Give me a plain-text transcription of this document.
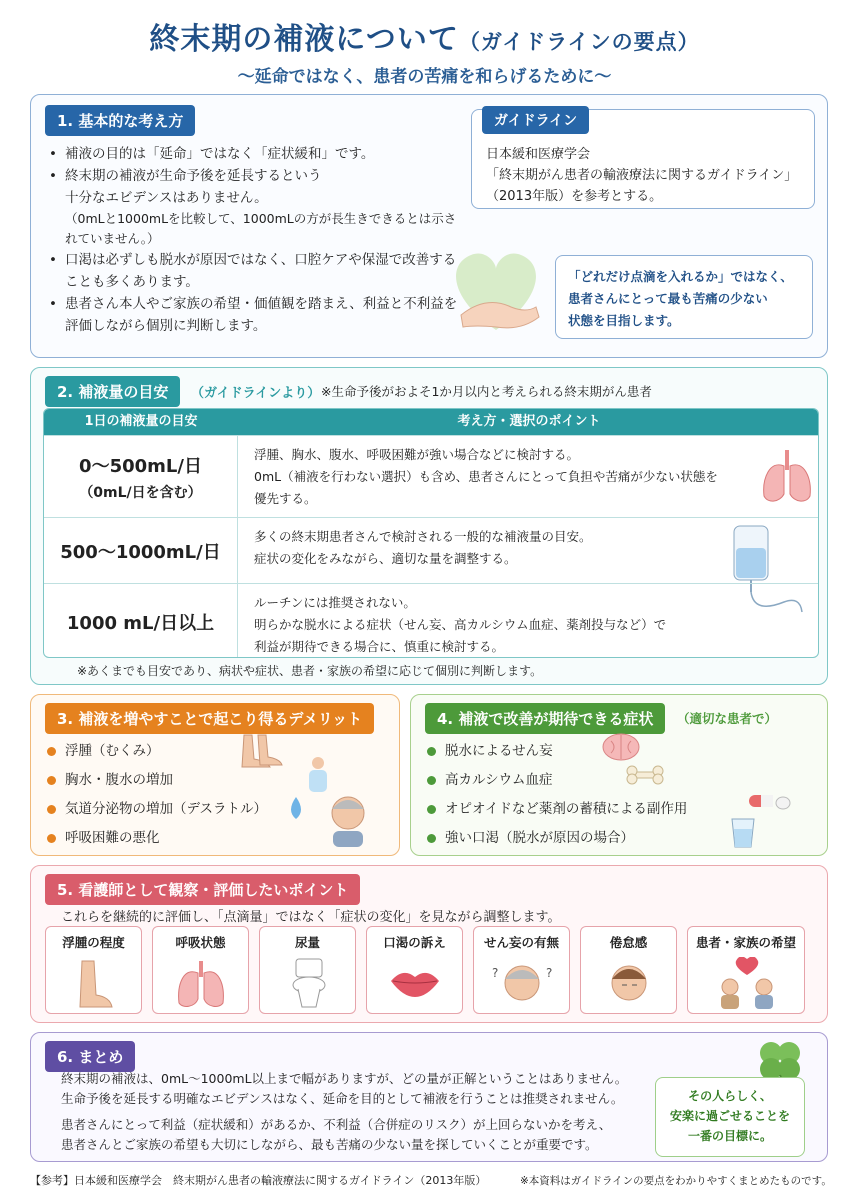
終末期の補液について（ガイドラインの要点）
～延命ではなく、患者の苦痛を和らげるために～
1. 基本的な考え方
• 補液の目的は「延命」ではなく「症状緩和」です。
• 終末期の補液が生命予後を延長するという
十分なエビデンスはありません。

（0mLと1000mLを比較して、1000mLの方が長生きできるとは示されていません。）
• 口渇は必ずしも脱水が原因ではなく、口腔ケアや保湿で改善することも多くあります。
• 患者さん本人やご家族の希望・価値観を踏まえ、利益と不利益を評価しながら個別に判断します。
ガイドライン
日本緩和医療学会
「終末期がん患者の輸液療法に関するガイドライン」
（2013年版）を参考とする。
「どれだけ点滴を入れるか」ではなく、
患者さんにとって最も苦痛の少ない
状態を目指します。
2. 補液量の目安	（ガイドラインより） ※生命予後がおよそ1か月以内と考えられる終末期がん患者
1日の補液量の目安	考え方・選択のポイント
0～500mL/日
（0mL/日を含む）
浮腫、胸水、腹水、呼吸困難が強い場合などに検討する。
0mL（補液を行わない選択）も含め、患者さんにとって負担や苦痛が少ない状態を
優先する。
500～1000mL/日
多くの終末期患者さんで検討される一般的な補液量の目安。
症状の変化をみながら、適切な量を調整する。
1000 mL/日以上
ルーチンには推奨されない。
明らかな脱水による症状（せん妄、高カルシウム血症、薬剤投与など）で
利益が期待できる場合に、慎重に検討する。
※あくまでも目安であり、病状や症状、患者・家族の希望に応じて個別に判断します。
3. 補液を増やすことで起こり得るデメリット
浮腫（むくみ）
胸水・腹水の増加
気道分泌物の増加（デスラトル）
呼吸困難の悪化
4. 補液で改善が期待できる症状	（適切な患者で）
脱水によるせん妄
高カルシウム血症
オピオイドなど薬剤の蓄積による副作用
強い口渇（脱水が原因の場合）
5. 看護師として観察・評価したいポイント
これらを継続的に評価し、「点滴量」ではなく「症状の変化」を見ながら調整します。
浮腫の程度	呼吸状態	尿量	口渇の訴え	せん妄の有無
?	?
倦怠感	患者・家族の希望
6. まとめ

終末期の補液は、0mL～1000mL以上まで幅がありますが、どの量が正解ということはありません。
生命予後を延長する明確なエビデンスはなく、延命を目的として補液を行うことは推奨されません。

患者さんにとって利益（症状緩和）があるか、不利益（合併症のリスク）が上回らないかを考え、
患者さんとご家族の希望も大切にしながら、最も苦痛の少ない量を探していくことが重要です。

その人らしく、
安楽に過ごせることを
一番の目標に。
【参考】日本緩和医療学会　終末期がん患者の輸液療法に関するガイドライン（2013年版）	※本資料はガイドラインの要点をわかりやすくまとめたものです。
